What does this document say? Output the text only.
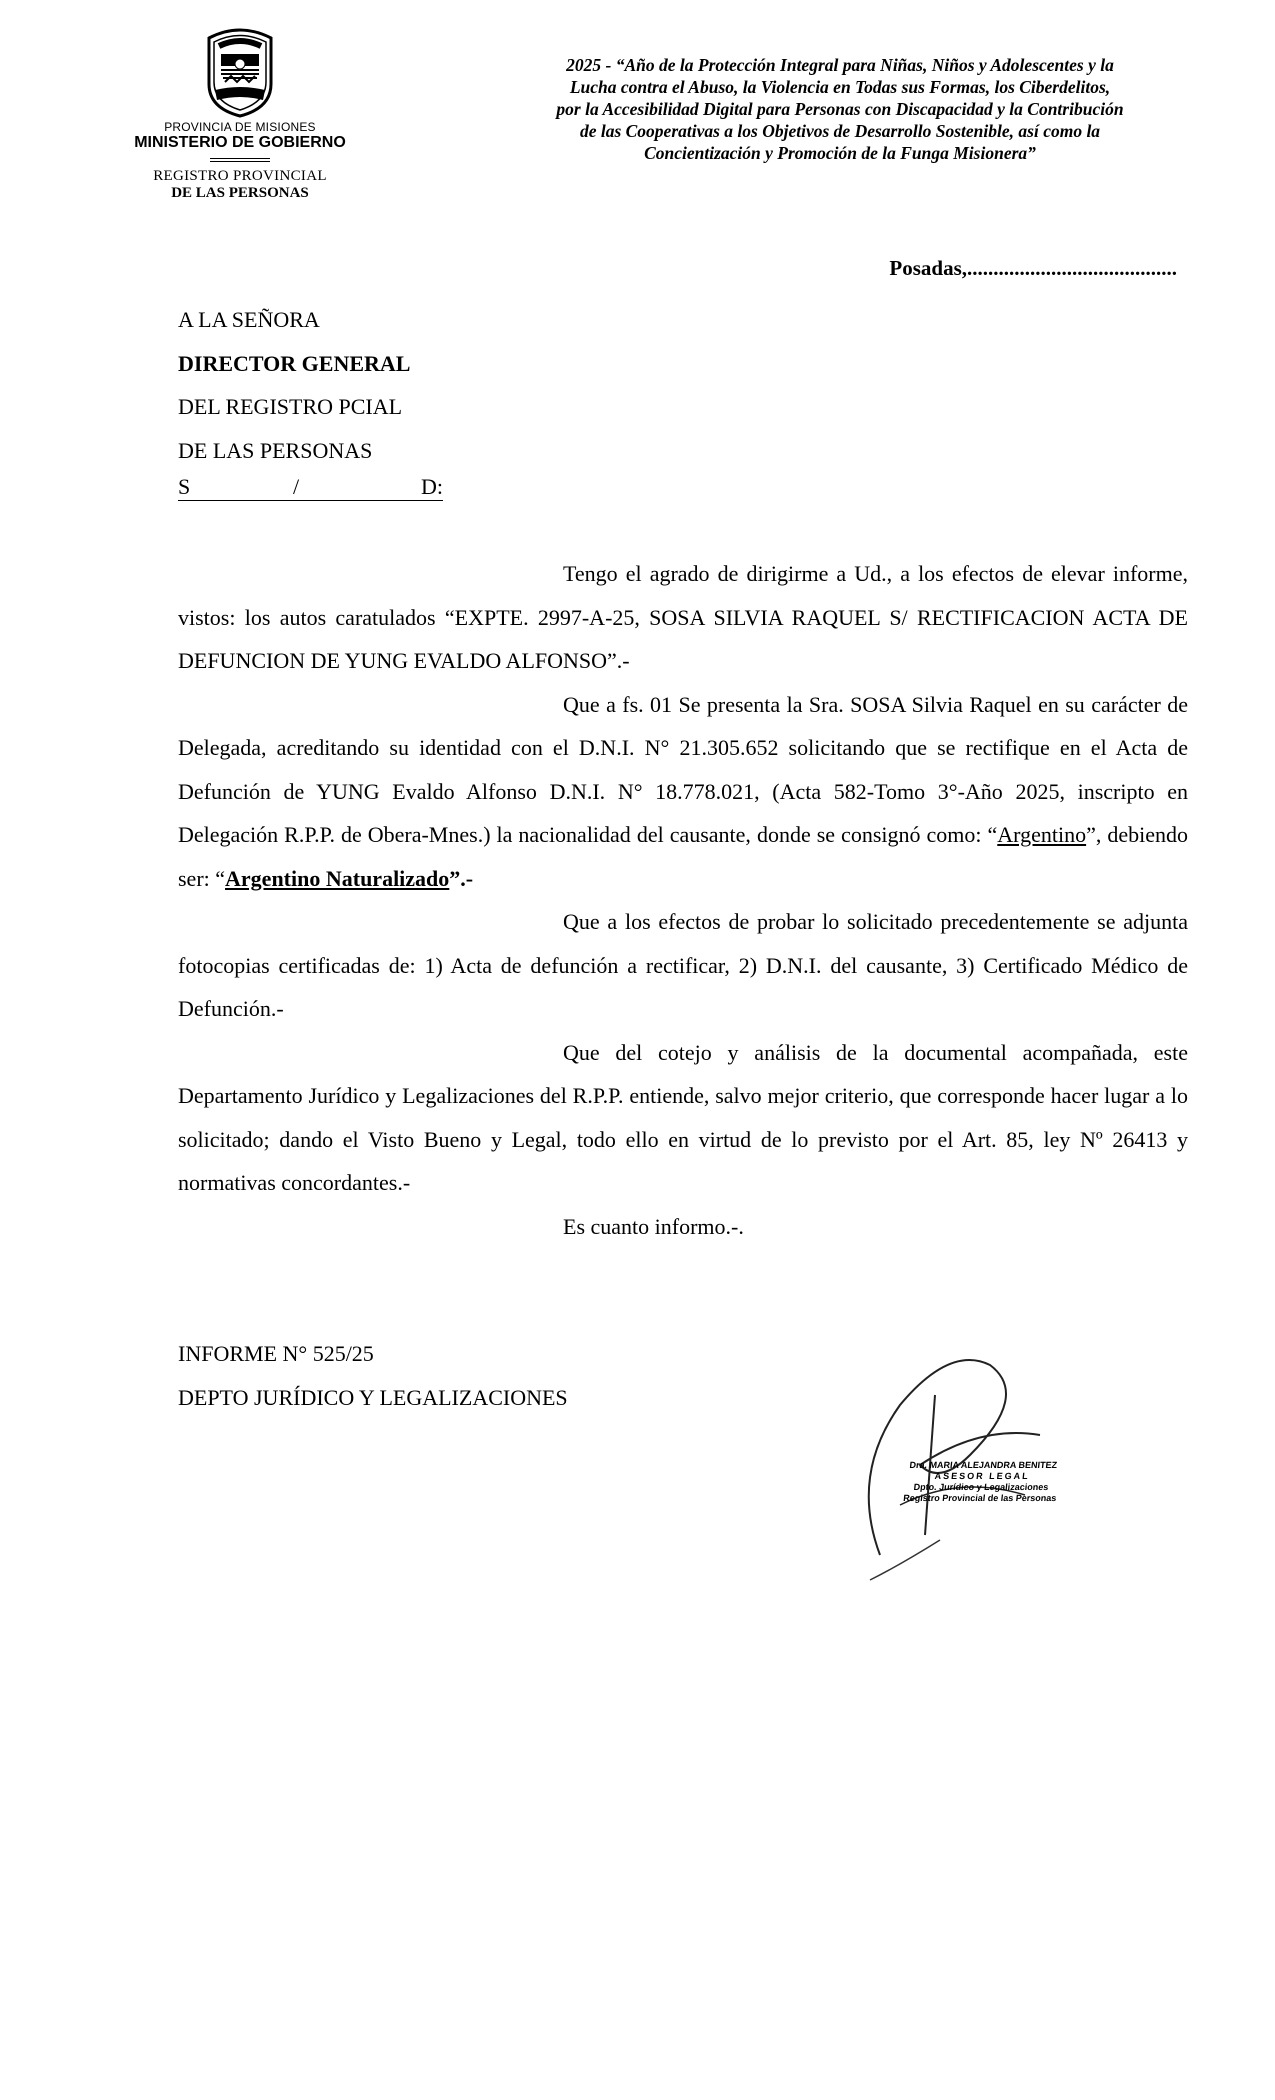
PROVINCIA DE MISIONES
MINISTERIO DE GOBIERNO
REGISTRO PROVINCIAL
DE LAS PERSONAS
2025 - “Año de la Protección Integral para Niñas, Niños y Adolescentes y la
Lucha contra el Abuso, la Violencia en Todas sus Formas, los Ciberdelitos,
por la Accesibilidad Digital para Personas con Discapacidad y la Contribución
de las Cooperativas a los Objetivos de Desarrollo Sostenible, así como la
Concientización y Promoción de la Funga Misionera”
Posadas,........................................
A LA SEÑORA
DIRECTOR GENERAL
DEL REGISTRO PCIAL
DE LAS PERSONAS
S	/	D:

Tengo el agrado de dirigirme a Ud., a los efectos de elevar informe, vistos: los autos caratulados “EXPTE. 2997-A-25, SOSA SILVIA RAQUEL S/ RECTIFICACION ACTA DE DEFUNCION DE YUNG EVALDO ALFONSO”.-

Que a fs. 01 Se presenta la Sra. SOSA Silvia Raquel en su carácter de Delegada, acreditando su identidad con el D.N.I. N° 21.305.652 solicitando que se rectifique en el Acta de Defunción de YUNG Evaldo Alfonso D.N.I. N° 18.778.021, (Acta 582-Tomo 3°-Año 2025, inscripto en Delegación R.P.P. de Obera-Mnes.) la nacionalidad del causante, donde se consignó como: “Argentino”, debiendo ser: “Argentino Naturalizado”.-

Que a los efectos de probar lo solicitado precedentemente se adjunta fotocopias certificadas de: 1) Acta de defunción a rectificar, 2) D.N.I. del causante, 3) Certificado Médico de Defunción.-

Que del cotejo y análisis de la documental acompañada, este Departamento Jurídico y Legalizaciones del R.P.P. entiende, salvo mejor criterio, que corresponde hacer lugar a lo solicitado; dando el Visto Bueno y Legal, todo ello en virtud de lo previsto por el Art. 85, ley Nº 26413 y normativas concordantes.-

Es cuanto informo.-.

INFORME N° 525/25
DEPTO JURÍDICO Y LEGALIZACIONES
Dra. MARIA ALEJANDRA BENITEZ
ASESOR LEGAL
Dpto. Jurídico y Legalizaciones
Registro Provincial de las Personas
